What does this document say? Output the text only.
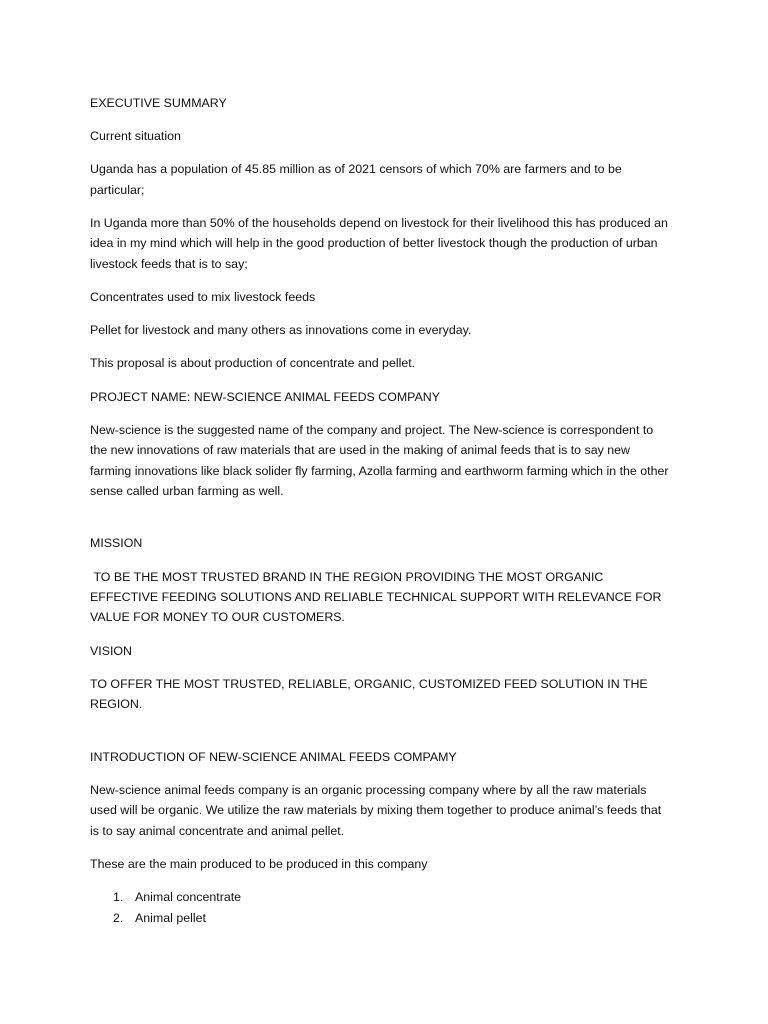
EXECUTIVE SUMMARY

Current situation

Uganda has a population of 45.85 million as of 2021 censors of which 70% are farmers and to be particular;

In Uganda more than 50% of the households depend on livestock for their livelihood this has produced an idea in my mind which will help in the good production of better livestock though the production of urban livestock feeds that is to say;

Concentrates used to mix livestock feeds

Pellet for livestock and many others as innovations come in everyday.

This proposal is about production of concentrate and pellet.

PROJECT NAME: NEW-SCIENCE ANIMAL FEEDS COMPANY

New-science is the suggested name of the company and project. The New-science is correspondent to the new innovations of raw materials that are used in the making of animal feeds that is to say new farming innovations like black solider fly farming, Azolla farming and earthworm farming which in the other sense called urban farming as well.

MISSION

TO BE THE MOST TRUSTED BRAND IN THE REGION PROVIDING THE MOST ORGANIC EFFECTIVE FEEDING SOLUTIONS AND RELIABLE TECHNICAL SUPPORT WITH RELEVANCE FOR VALUE FOR MONEY TO OUR CUSTOMERS.

VISION

TO OFFER THE MOST TRUSTED, RELIABLE, ORGANIC, CUSTOMIZED FEED SOLUTION IN THE REGION.

INTRODUCTION OF NEW-SCIENCE ANIMAL FEEDS COMPAMY

New-science animal feeds company is an organic processing company where by all the raw materials used will be organic. We utilize the raw materials by mixing them together to produce animal’s feeds that is to say animal concentrate and animal pellet.

These are the main produced to be produced in this company

1. Animal concentrate
2. Animal pellet
